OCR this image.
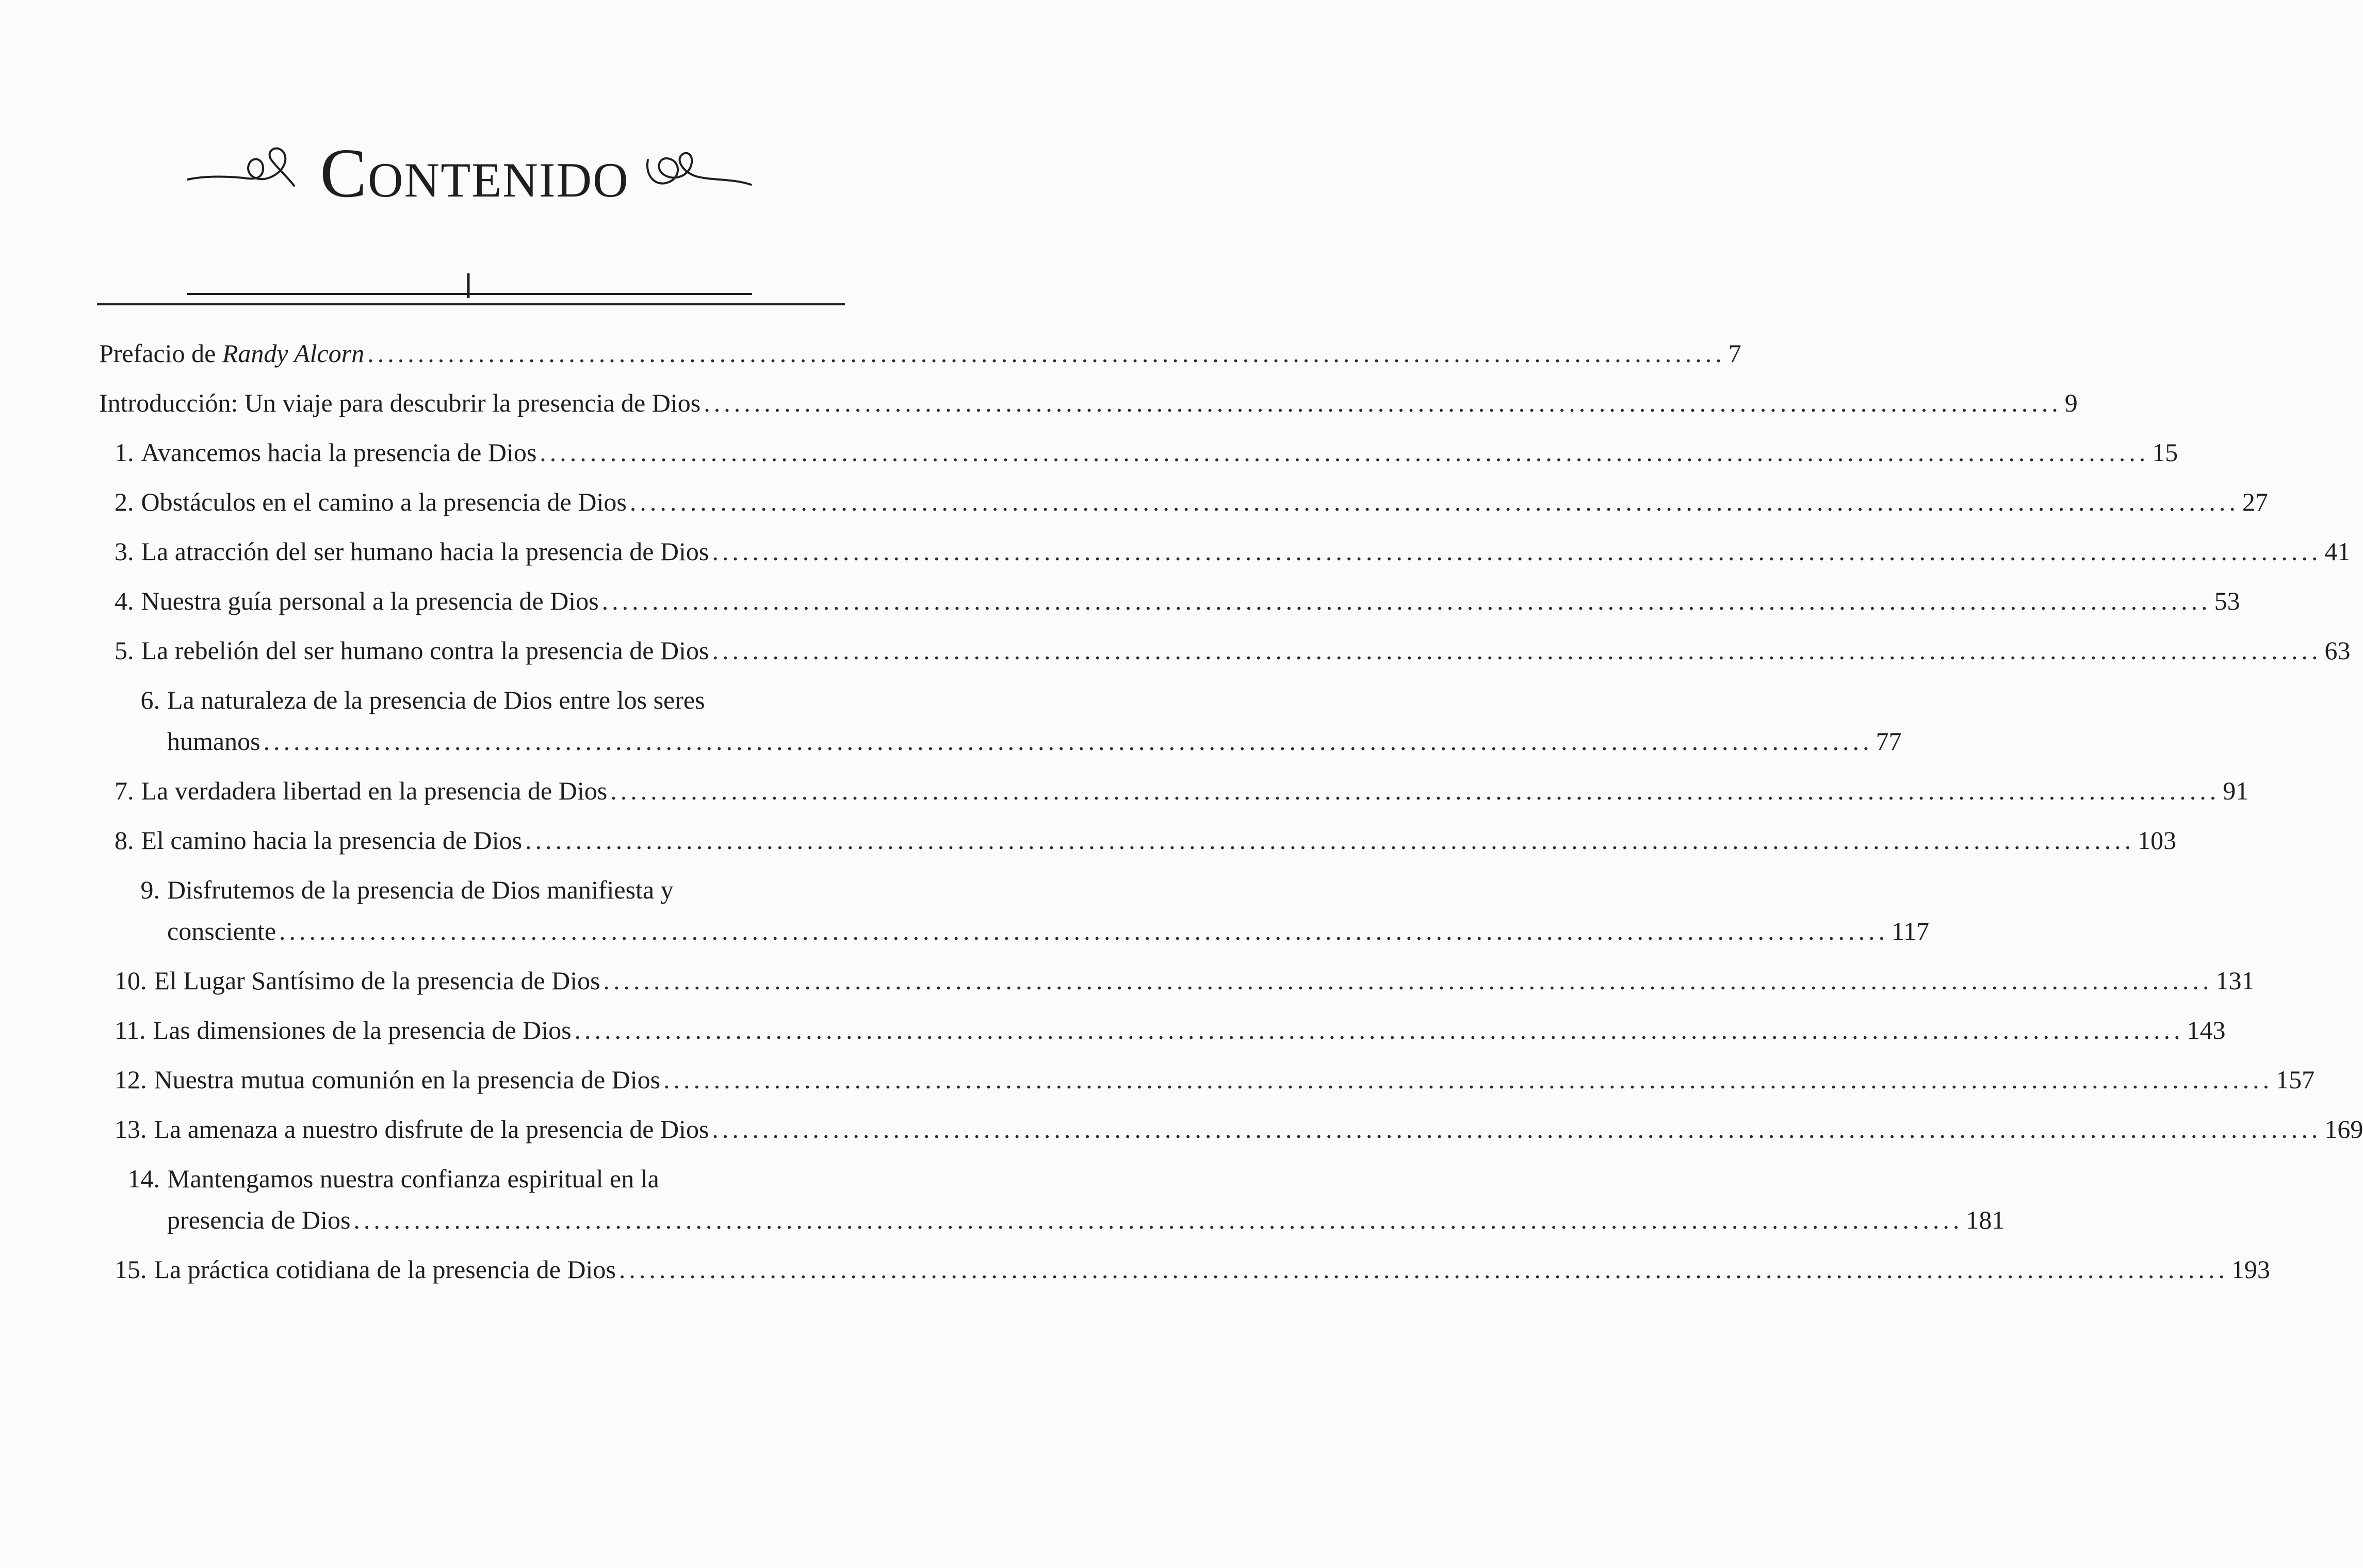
Contenido
Prefacio de Randy Alcorn ....................................................................................................................................... 7
Introducción: Un viaje para descubrir la presencia de Dios ....................................................................................................................................... 9
1. Avancemos hacia la presencia de Dios ................................................................................................................................................................ 15
2. Obstáculos en el camino a la presencia de Dios ................................................................................................................................................................ 27
3. La atracción del ser humano hacia la presencia de Dios ................................................................................................................................................................ 41
4. Nuestra guía personal a la presencia de Dios ................................................................................................................................................................ 53
5. La rebelión del ser humano contra la presencia de Dios ................................................................................................................................................................ 63
6. La naturaleza de la presencia de Dios entre los seres
humanos ................................................................................................................................................................ 77
7. La verdadera libertad en la presencia de Dios ................................................................................................................................................................ 91
8. El camino hacia la presencia de Dios ................................................................................................................................................................ 103
9. Disfrutemos de la presencia de Dios manifiesta y
consciente ................................................................................................................................................................ 117
10. El Lugar Santísimo de la presencia de Dios ................................................................................................................................................................ 131
11. Las dimensiones de la presencia de Dios ................................................................................................................................................................ 143
12. Nuestra mutua comunión en la presencia de Dios ................................................................................................................................................................ 157
13. La amenaza a nuestro disfrute de la presencia de Dios ................................................................................................................................................................ 169
14. Mantengamos nuestra confianza espiritual en la
presencia de Dios ................................................................................................................................................................ 181
15. La práctica cotidiana de la presencia de Dios ................................................................................................................................................................ 193
